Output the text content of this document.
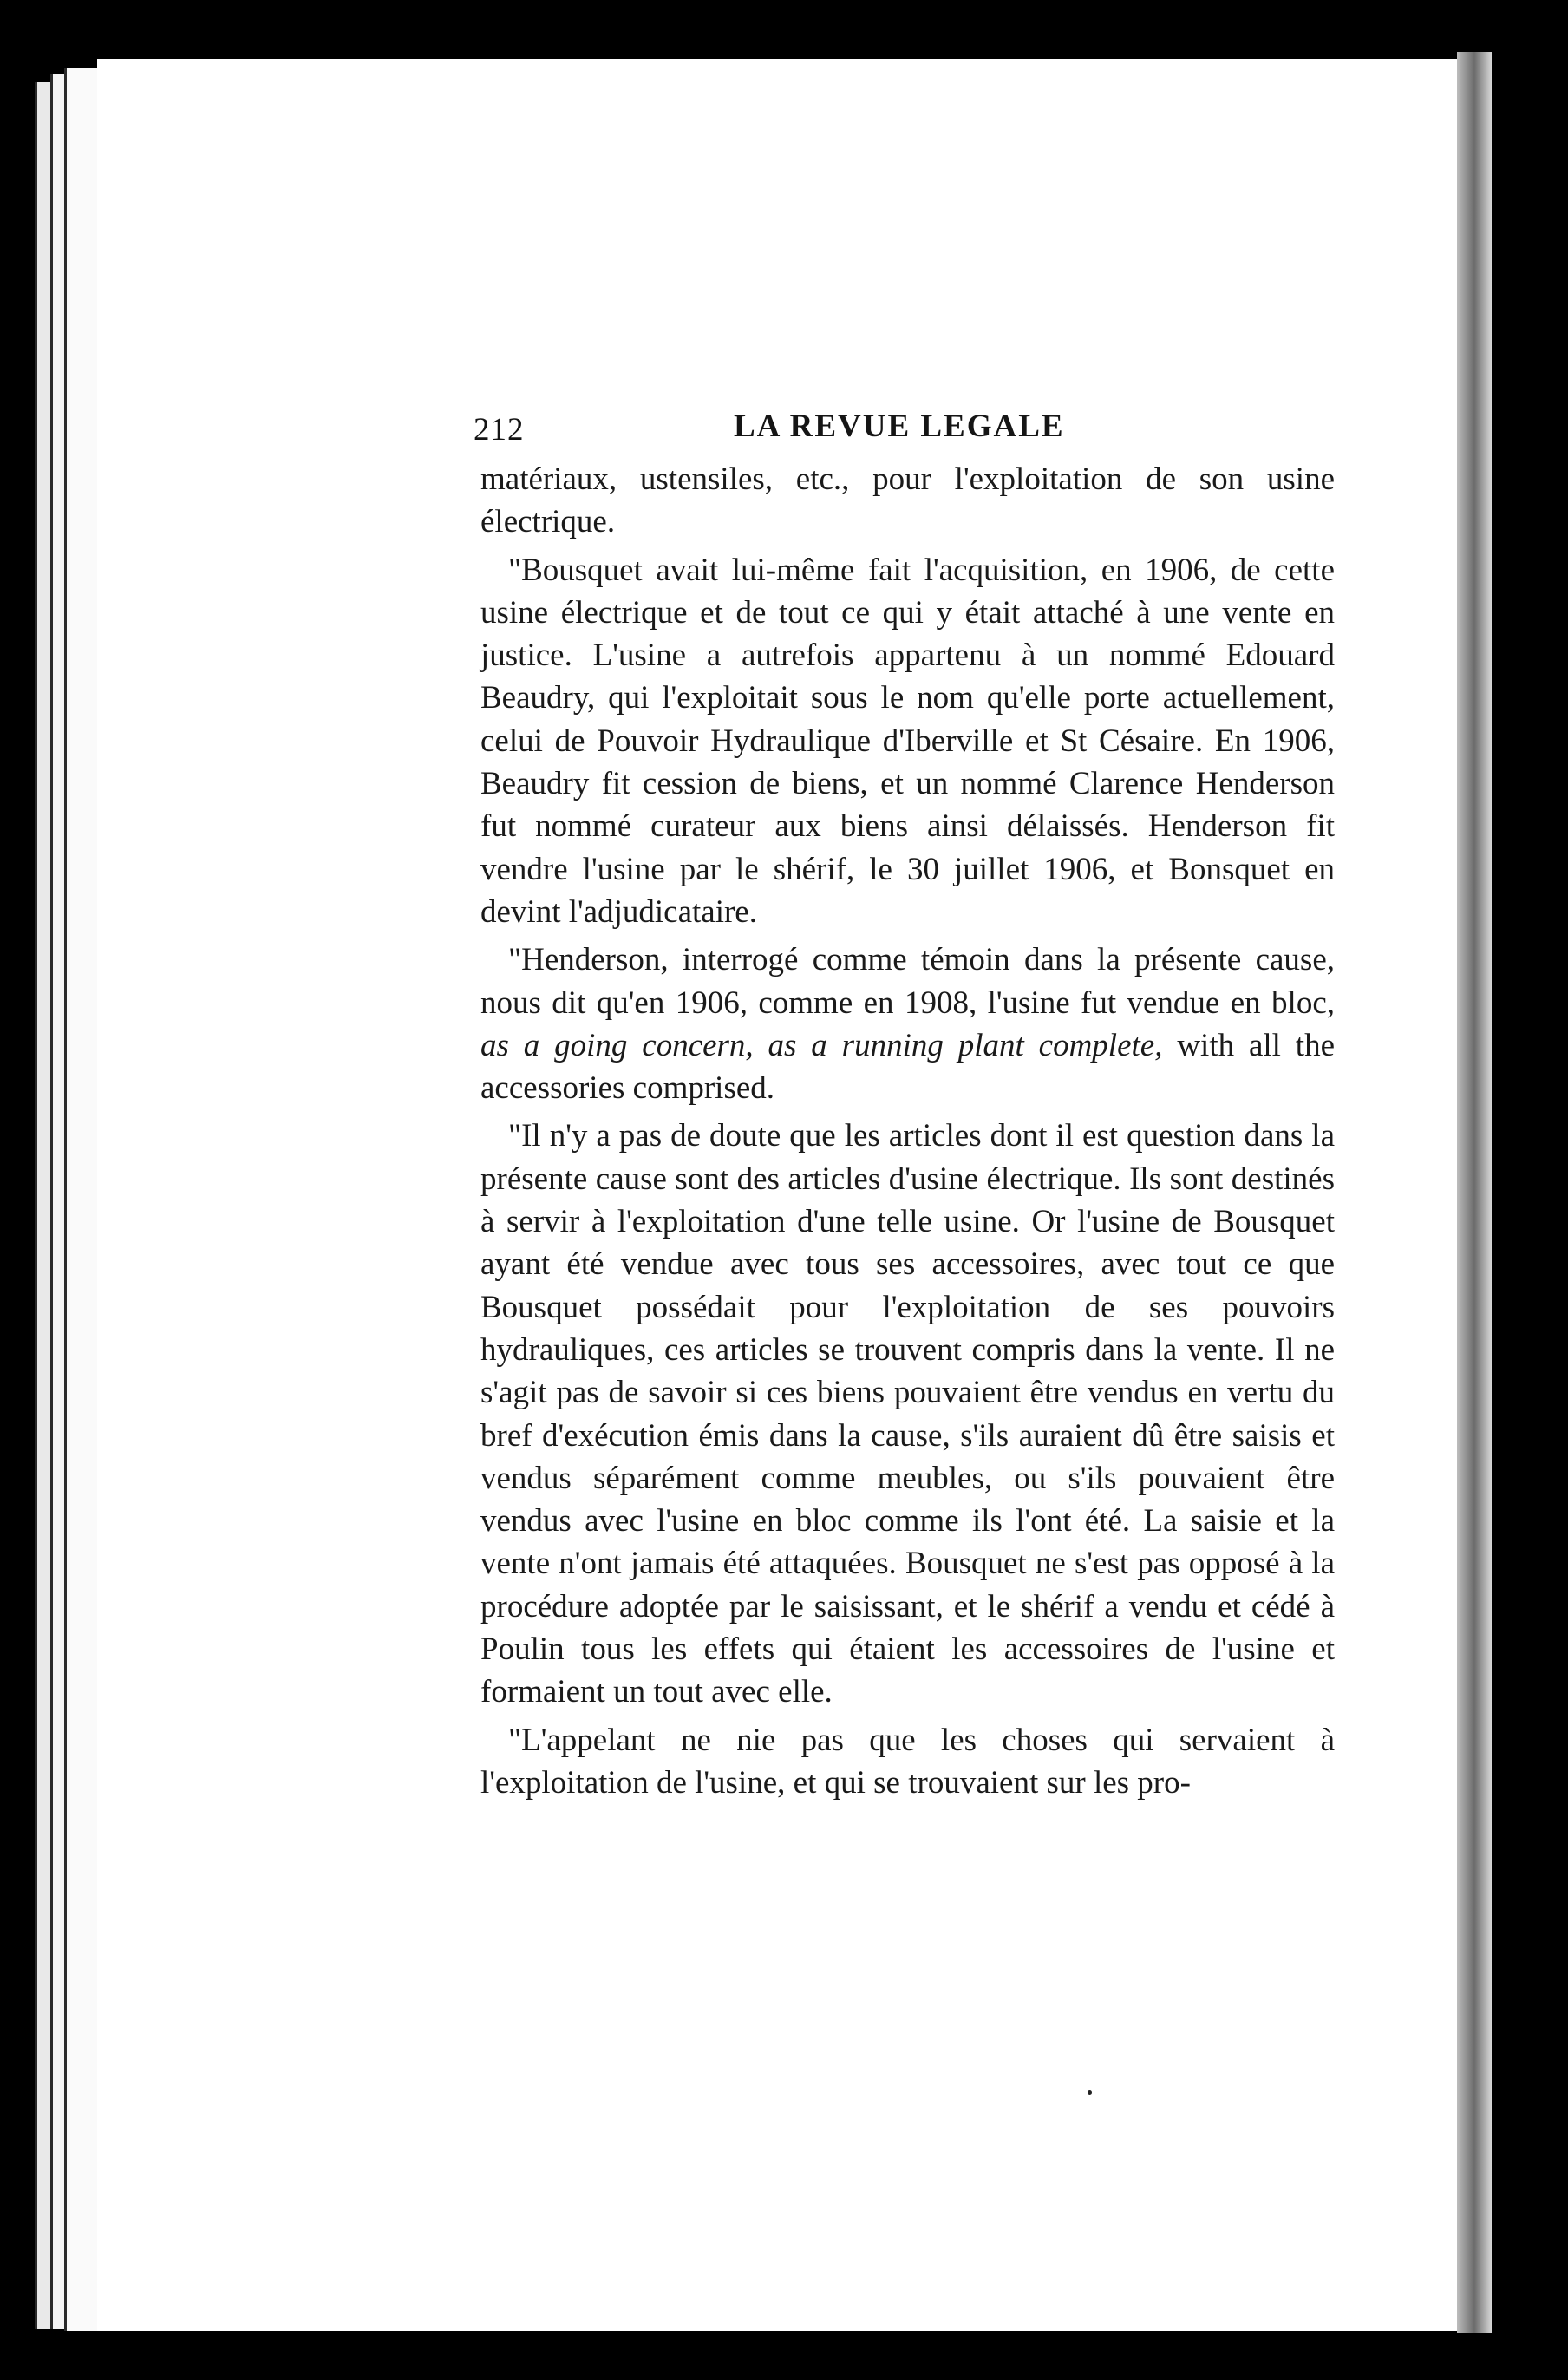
212	LA REVUE LEGALE

matériaux, ustensiles, etc., pour l'exploitation de son usine électrique.

"Bousquet avait lui-même fait l'acquisition, en 1906, de cette usine électrique et de tout ce qui y était attaché à une vente en justice. L'usine a autrefois appartenu à un nommé Edouard Beaudry, qui l'exploitait sous le nom qu'elle porte actuellement, celui de Pouvoir Hydraulique d'Iberville et St Césaire. En 1906, Beaudry fit cession de biens, et un nommé Clarence Henderson fut nommé curateur aux biens ainsi délaissés. Henderson fit vendre l'usine par le shérif, le 30 juillet 1906, et Bonsquet en devint l'adjudicataire.

"Henderson, interrogé comme témoin dans la présente cause, nous dit qu'en 1906, comme en 1908, l'usine fut vendue en bloc, as a going concern, as a running plant complete, with all the accessories comprised.

"Il n'y a pas de doute que les articles dont il est question dans la présente cause sont des articles d'usine électrique. Ils sont destinés à servir à l'exploitation d'une telle usine. Or l'usine de Bousquet ayant été vendue avec tous ses accessoires, avec tout ce que Bousquet possédait pour l'exploitation de ses pouvoirs hydrauliques, ces articles se trouvent compris dans la vente. Il ne s'agit pas de savoir si ces biens pouvaient être vendus en vertu du bref d'exécution émis dans la cause, s'ils auraient dû être saisis et vendus séparément comme meubles, ou s'ils pouvaient être vendus avec l'usine en bloc comme ils l'ont été. La saisie et la vente n'ont jamais été attaquées. Bousquet ne s'est pas opposé à la procédure adoptée par le saisissant, et le shérif a vendu et cédé à Poulin tous les effets qui étaient les accessoires de l'usine et formaient un tout avec elle.

"L'appelant ne nie pas que les choses qui servaient à l'exploitation de l'usine, et qui se trouvaient sur les pro-
